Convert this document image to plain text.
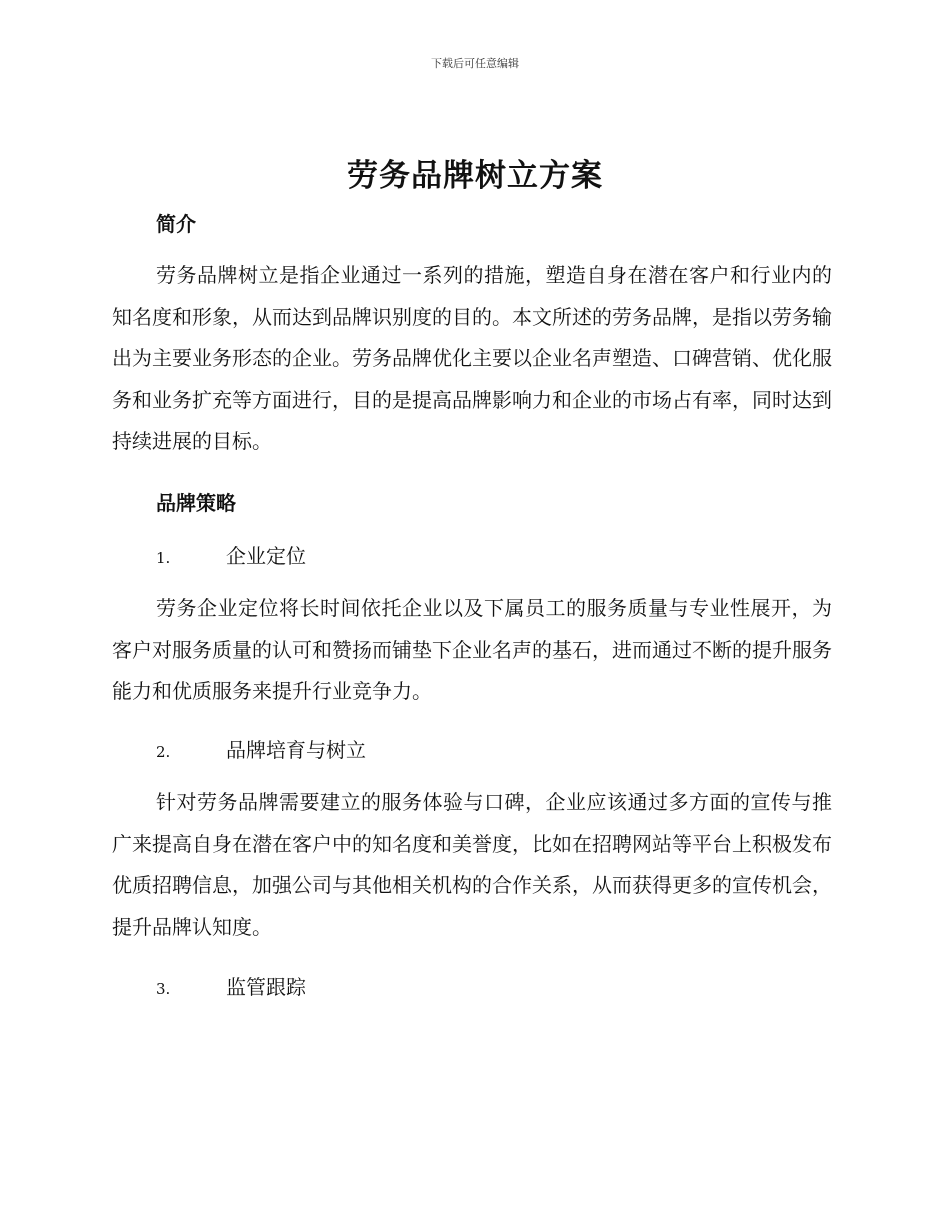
下载后可任意编辑
劳务品牌树立方案
简介
劳务品牌树立是指企业通过一系列的措施，塑造自身在潜在客户和行业内的知名度和形象，从而达到品牌识别度的目的。本文所述的劳务品牌，是指以劳务输出为主要业务形态的企业。劳务品牌优化主要以企业名声塑造、口碑营销、优化服务和业务扩充等方面进行，目的是提高品牌影响力和企业的市场占有率，同时达到持续进展的目标。
品牌策略
1.	企业定位
劳务企业定位将长时间依托企业以及下属员工的服务质量与专业性展开，为客户对服务质量的认可和赞扬而铺垫下企业名声的基石，进而通过不断的提升服务能力和优质服务来提升行业竞争力。
2.	品牌培育与树立
针对劳务品牌需要建立的服务体验与口碑，企业应该通过多方面的宣传与推广来提高自身在潜在客户中的知名度和美誉度，比如在招聘网站等平台上积极发布优质招聘信息，加强公司与其他相关机构的合作关系，从而获得更多的宣传机会，提升品牌认知度。
3.	监管跟踪
